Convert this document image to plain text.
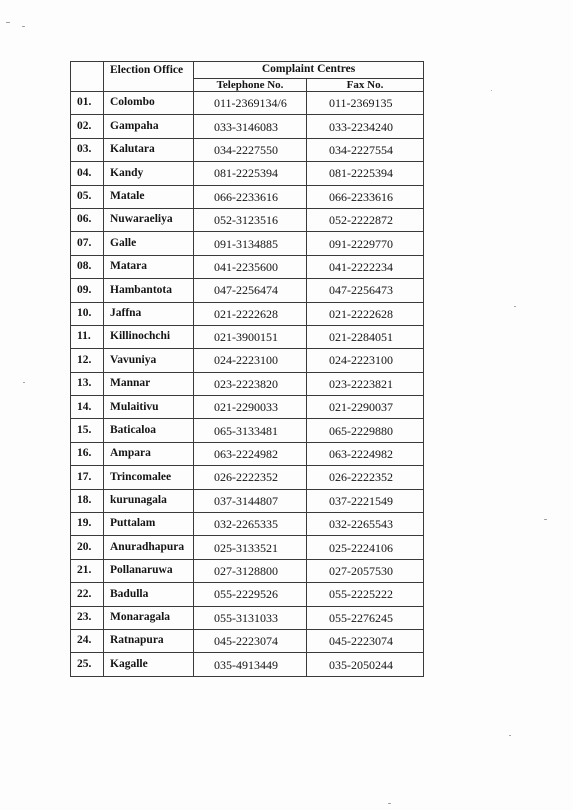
	Election Office	Complaint Centres	
		Telephone No.	Fax No.
01.	Colombo	011-2369134/6	011-2369135
02.	Gampaha	033-3146083	033-2234240
03.	Kalutara	034-2227550	034-2227554
04.	Kandy	081-2225394	081-2225394
05.	Matale	066-2233616	066-2233616
06.	Nuwaraeliya	052-3123516	052-2222872
07.	Galle	091-3134885	091-2229770
08.	Matara	041-2235600	041-2222234
09.	Hambantota	047-2256474	047-2256473
10.	Jaffna	021-2222628	021-2222628
11.	Killinochchi	021-3900151	021-2284051
12.	Vavuniya	024-2223100	024-2223100
13.	Mannar	023-2223820	023-2223821
14.	Mulaitivu	021-2290033	021-2290037
15.	Baticaloa	065-3133481	065-2229880
16.	Ampara	063-2224982	063-2224982
17.	Trincomalee	026-2222352	026-2222352
18.	kurunagala	037-3144807	037-2221549
19.	Puttalam	032-2265335	032-2265543
20.	Anuradhapura	025-3133521	025-2224106
21.	Pollanaruwa	027-3128800	027-2057530
22.	Badulla	055-2229526	055-2225222
23.	Monaragala	055-3131033	055-2276245
24.	Ratnapura	045-2223074	045-2223074
25.	Kagalle	035-4913449	035-2050244
